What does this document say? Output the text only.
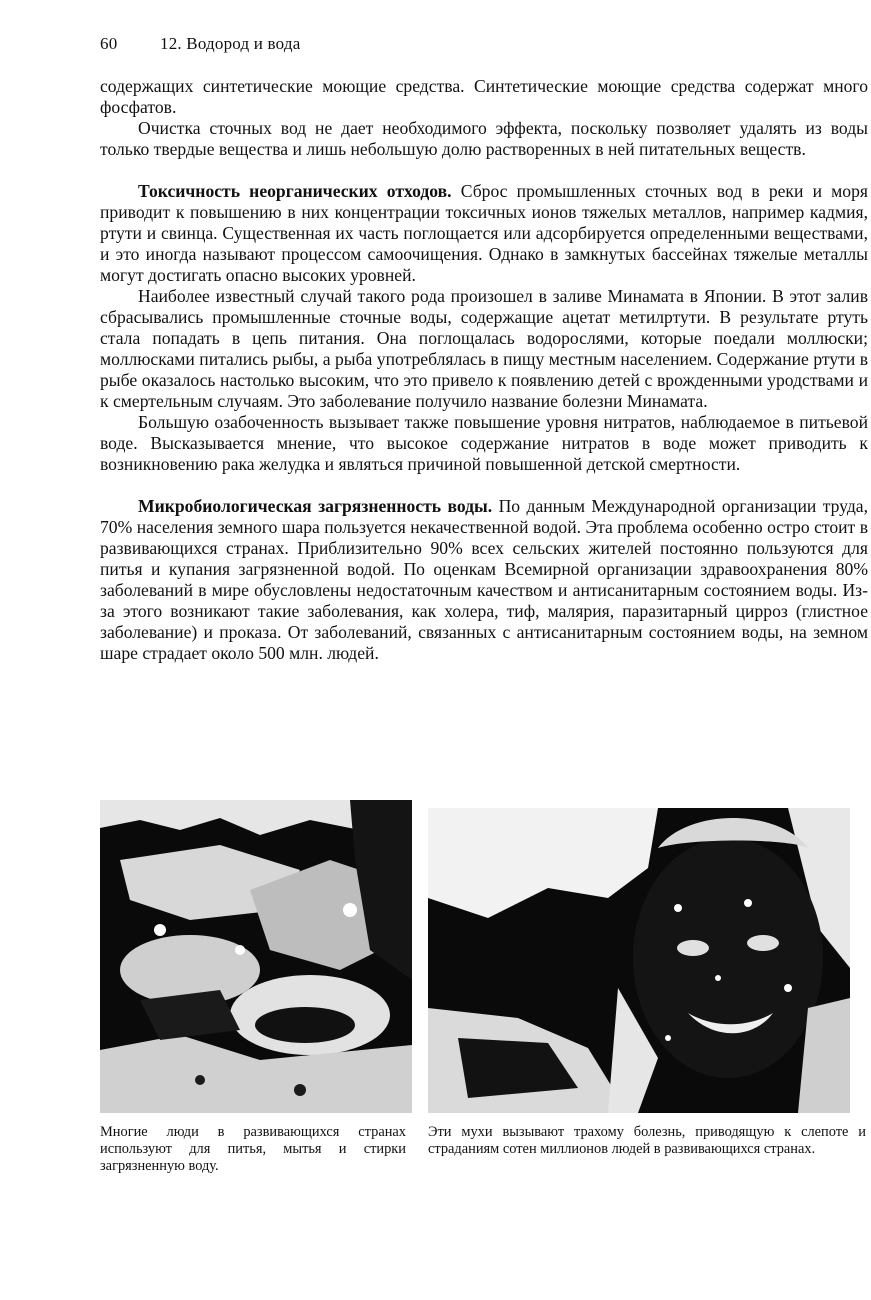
60	12. Водород и вода

содержащих синтетические моющие средства. Синтетические моющие средства содержат много фосфатов.

Очистка сточных вод не дает необходимого эффекта, поскольку позволяет удалять из воды только твердые вещества и лишь небольшую долю растворенных в ней питательных веществ.

Токсичность неорганических отходов. Сброс промышленных сточных вод в реки и моря приводит к повышению в них концентрации токсичных ионов тяжелых металлов, например кадмия, ртути и свинца. Существенная их часть поглощается или адсорбируется определенными веществами, и это иногда называют процессом самоочищения. Однако в замкнутых бассейнах тяжелые металлы могут достигать опасно высоких уровней.

Наиболее известный случай такого рода произошел в заливе Минамата в Японии. В этот залив сбрасывались промышленные сточные воды, содержащие ацетат метилртути. В результате ртуть стала попадать в цепь питания. Она поглощалась водорослями, которые поедали моллюски; моллюсками питались рыбы, а рыба употреблялась в пищу местным населением. Содержание ртути в рыбе оказалось настолько высоким, что это привело к появлению детей с врожденными уродствами и к смертельным случаям. Это заболевание получило название болезни Минамата.

Большую озабоченность вызывает также повышение уровня нитратов, наблюдаемое в питьевой воде. Высказывается мнение, что высокое содержание нитратов в воде может приводить к возникновению рака желудка и являться причиной повышенной детской смертности.

Микробиологическая загрязненность воды. По данным Международной организации труда, 70% населения земного шара пользуется некачественной водой. Эта проблема особенно остро стоит в развивающихся странах. Приблизительно 90% всех сельских жителей постоянно пользуются для питья и купания загрязненной водой. По оценкам Всемирной организации здравоохранения 80% заболеваний в мире обусловлены недостаточным качеством и антисанитарным состоянием воды. Из-за этого возникают такие заболевания, как холера, тиф, малярия, паразитарный цирроз (глистное заболевание) и проказа. От заболеваний, связанных с антисанитарным состоянием воды, на земном шаре страдает около 500 млн. людей.

Многие люди в развивающихся странах используют для питья, мытья и стирки загрязненную воду.
Эти мухи вызывают трахому болезнь, приводящую к слепоте и страданиям сотен миллионов людей в развивающихся странах.
